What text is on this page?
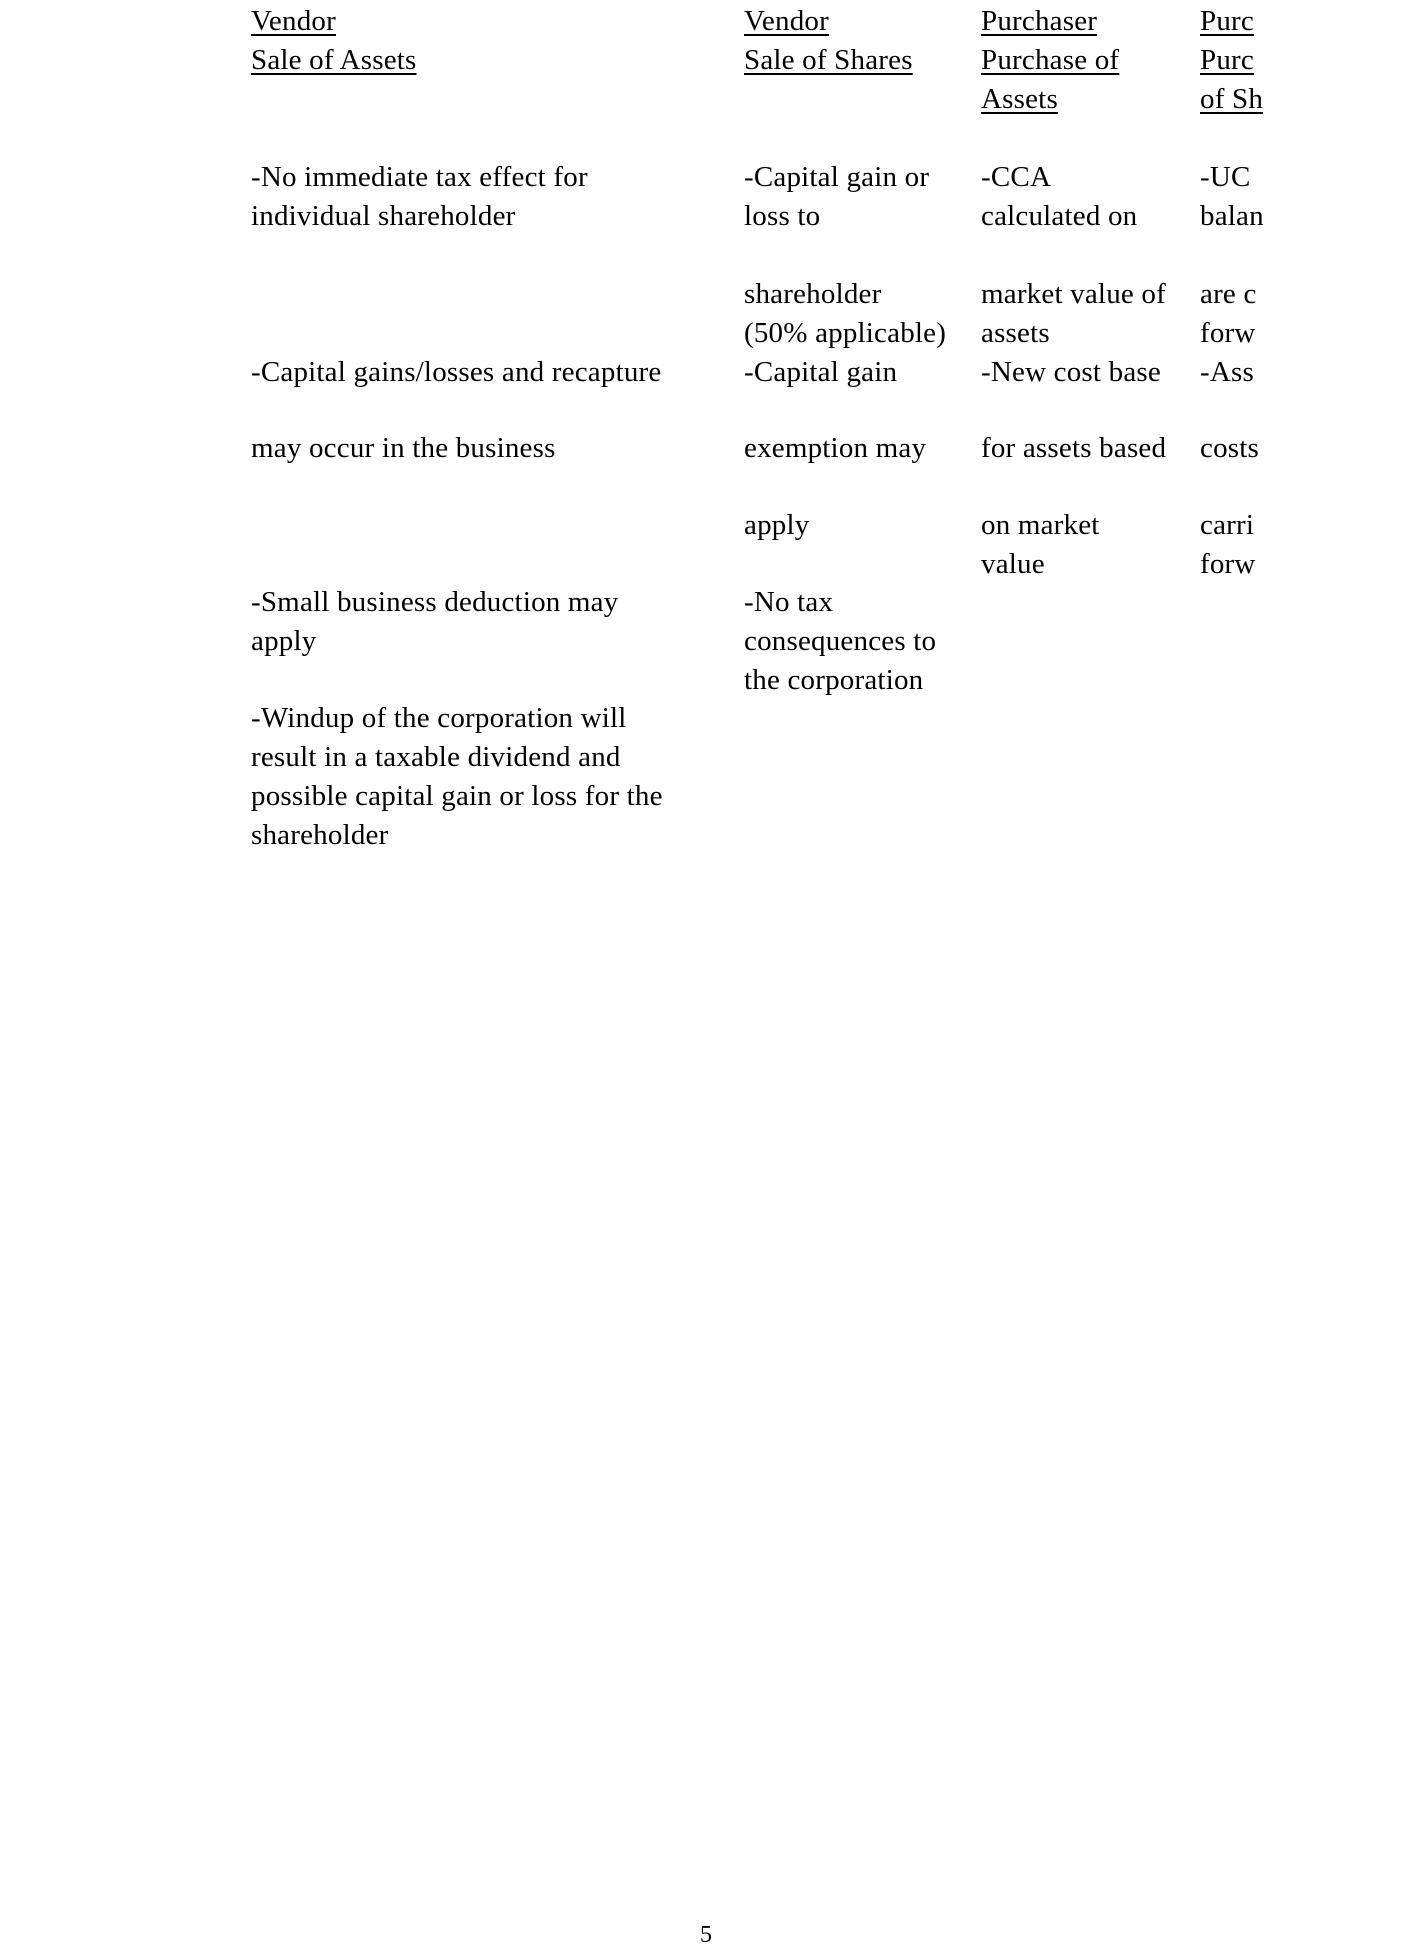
Vendor
Sale of Assets
Vendor
Sale of Shares
Purchaser
Purchase of
Assets
Purc
Purc
of Sh
-No immediate tax effect for
individual shareholder
-Capital gains/losses and recapture
may occur in the business
-Small business deduction may
apply
-Windup of the corporation will
result in a taxable dividend and
possible capital gain or loss for the
shareholder
-Capital gain or
loss to
shareholder
(50% applicable)
-Capital gain
exemption may
apply
-No tax
consequences to
the corporation
-CCA
calculated on
market value of
assets
-New cost base
for assets based
on market
value
-UC
balan
are c
forw
-Ass
costs
carri
forw
5
